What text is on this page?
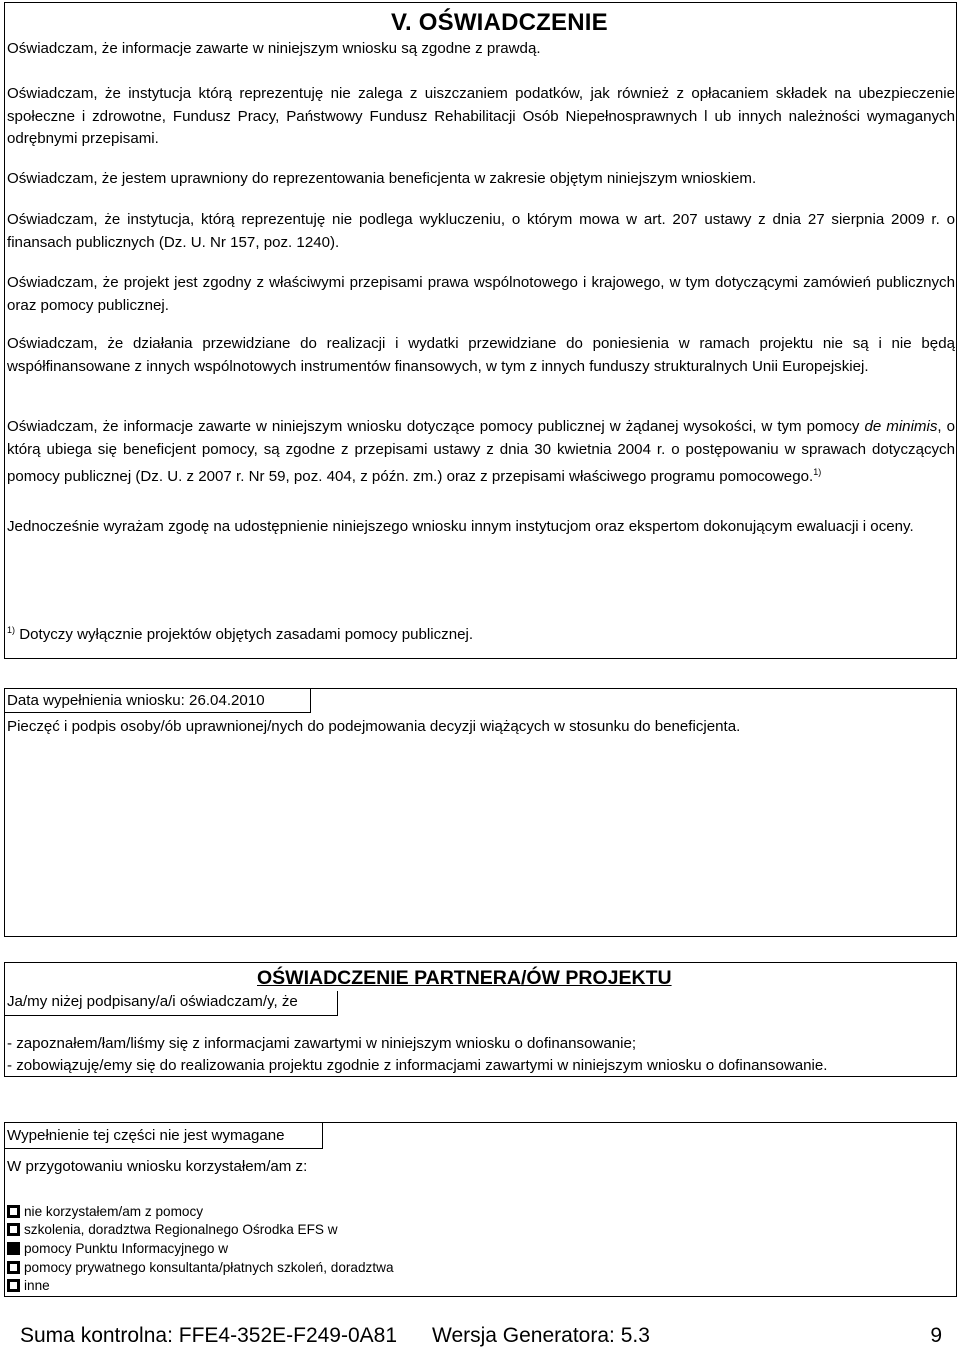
V. OŚWIADCZENIE
Oświadczam, że informacje zawarte w niniejszym wniosku są zgodne z prawdą.
Oświadczam, że instytucja którą reprezentuję nie zalega z uiszczaniem podatków, jak również z opłacaniem składek na ubezpieczenie społeczne i zdrowotne, Fundusz Pracy, Państwowy Fundusz Rehabilitacji Osób Niepełnosprawnych l ub innych należności wymaganych odrębnymi przepisami.
Oświadczam, że jestem uprawniony do reprezentowania beneficjenta w zakresie objętym niniejszym wnioskiem.
Oświadczam, że instytucja, którą reprezentuję nie podlega wykluczeniu, o którym mowa w art. 207 ustawy z dnia 27 sierpnia 2009 r. o finansach publicznych (Dz. U. Nr 157, poz. 1240).
Oświadczam, że projekt jest zgodny z właściwymi przepisami prawa wspólnotowego i krajowego, w tym dotyczącymi zamówień publicznych oraz pomocy publicznej.
Oświadczam, że działania przewidziane do realizacji i wydatki przewidziane do poniesienia w ramach projektu nie są i nie będą współfinansowane z innych wspólnotowych instrumentów finansowych, w tym z innych funduszy strukturalnych Unii Europejskiej.
Oświadczam, że informacje zawarte w niniejszym wniosku dotyczące pomocy publicznej w żądanej wysokości, w tym pomocy de minimis, o którą ubiega się beneficjent pomocy, są zgodne z przepisami ustawy z dnia 30 kwietnia 2004 r. o postępowaniu w sprawach dotyczących pomocy publicznej (Dz. U. z 2007 r. Nr 59, poz. 404, z późn. zm.) oraz z przepisami właściwego programu pomocowego.$^{1)}$
Jednocześnie wyrażam zgodę na udostępnienie niniejszego wniosku innym instytucjom oraz ekspertom dokonującym ewaluacji i oceny.
$^{1)}$ Dotyczy wyłącznie projektów objętych zasadami pomocy publicznej.
Data wypełnienia wniosku: 26.04.2010
Pieczęć i podpis osoby/ób uprawnionej/nych do podejmowania decyzji wiążących w stosunku do beneficjenta.
OŚWIADCZENIE PARTNERA/ÓW PROJEKTU
Ja/my niżej podpisany/a/i oświadczam/y, że
- zapoznałem/łam/liśmy się z informacjami zawartymi w niniejszym wniosku o dofinansowanie;
- zobowiązuję/emy się do realizowania projektu zgodnie z informacjami zawartymi w niniejszym wniosku o dofinansowanie.
Wypełnienie tej części nie jest wymagane
W przygotowaniu wniosku korzystałem/am z:
nie korzystałem/am z pomocy
szkolenia, doradztwa Regionalnego Ośrodka EFS w
pomocy Punktu Informacyjnego w
pomocy prywatnego konsultanta/płatnych szkoleń, doradztwa
inne
Suma kontrolna: FFE4-352E-F249-0A81 Wersja Generatora: 5.3	9
